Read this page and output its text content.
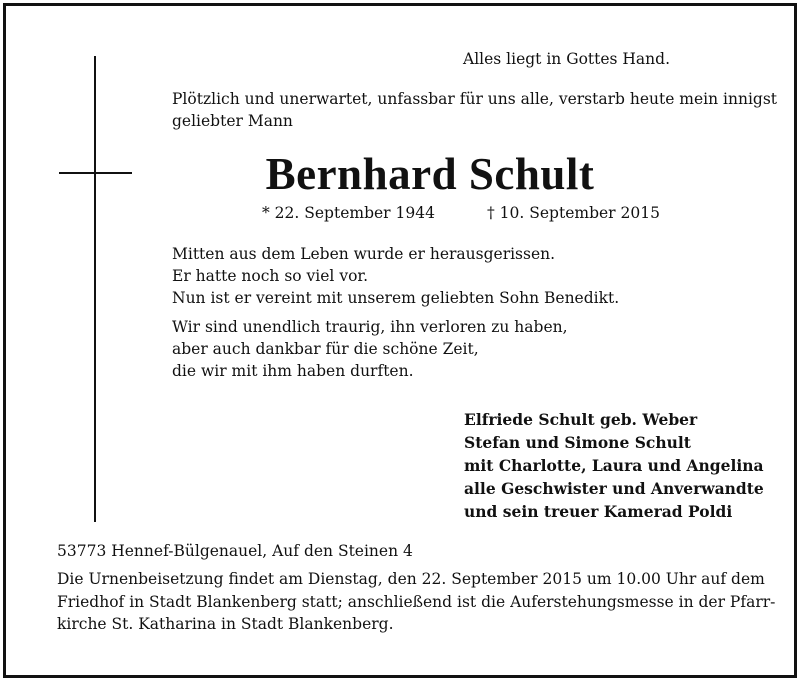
Alles liegt in Gottes Hand.
Plötzlich und unerwartet, unfassbar für uns alle, verstarb heute mein innigst
geliebter Mann
Bernhard Schult
* 22. September 1944	† 10. September 2015
Mitten aus dem Leben wurde er herausgerissen.
Er hatte noch so viel vor.
Nun ist er vereint mit unserem geliebten Sohn Benedikt.
Wir sind unendlich traurig, ihn verloren zu haben,
aber auch dankbar für die schöne Zeit,
die wir mit ihm haben durften.
Elfriede Schult geb. Weber
Stefan und Simone Schult
mit Charlotte, Laura und Angelina
alle Geschwister und Anverwandte
und sein treuer Kamerad Poldi
53773 Hennef-Bülgenauel, Auf den Steinen 4
Die Urnenbeisetzung findet am Dienstag, den 22. September 2015 um 10.00 Uhr auf dem
Friedhof in Stadt Blankenberg statt; anschließend ist die Auferstehungsmesse in der Pfarr-
kirche St. Katharina in Stadt Blankenberg.
